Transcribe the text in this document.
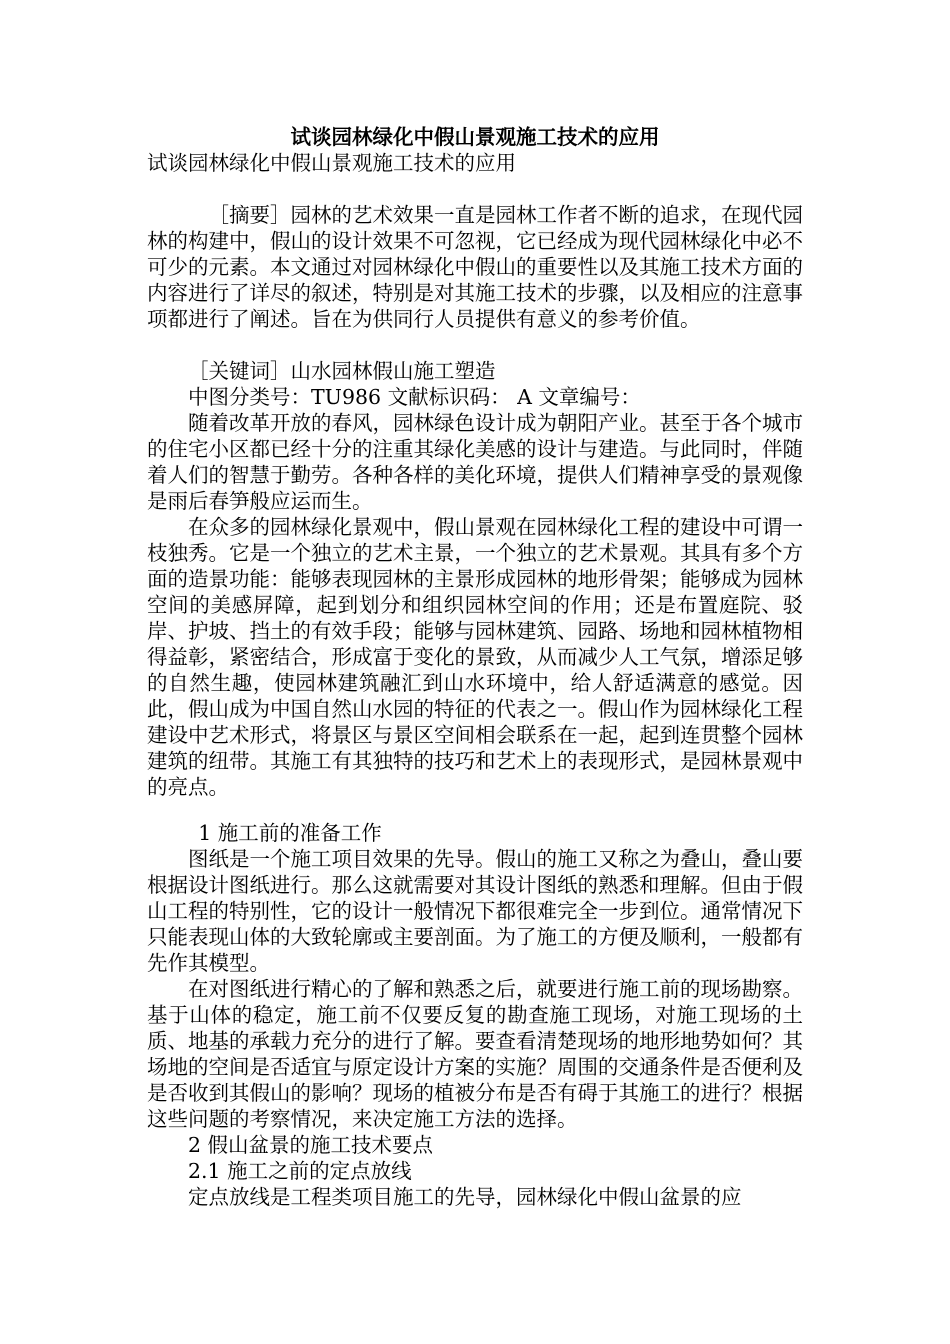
试谈园林绿化中假山景观施工技术的应用

试谈园林绿化中假山景观施工技术的应用

［摘要］园林的艺术效果一直是园林工作者不断的追求，在现代园林的构建中，假山的设计效果不可忽视，它已经成为现代园林绿化中必不可少的元素。本文通过对园林绿化中假山的重要性以及其施工技术方面的内容进行了详尽的叙述，特别是对其施工技术的步骤，以及相应的注意事项都进行了阐述。旨在为供同行人员提供有意义的参考价值。

［关键词］山水园林假山施工塑造

中图分类号：TU986 文献标识码： A 文章编号：

随着改革开放的春风，园林绿色设计成为朝阳产业。甚至于各个城市的住宅小区都已经十分的注重其绿化美感的设计与建造。与此同时，伴随着人们的智慧于勤劳。各种各样的美化环境，提供人们精神享受的景观像是雨后春笋般应运而生。

在众多的园林绿化景观中，假山景观在园林绿化工程的建设中可谓一枝独秀。它是一个独立的艺术主景，一个独立的艺术景观。其具有多个方面的造景功能：能够表现园林的主景形成园林的地形骨架；能够成为园林空间的美感屏障，起到划分和组织园林空间的作用；还是布置庭院、驳岸、护坡、挡土的有效手段；能够与园林建筑、园路、场地和园林植物相得益彰，紧密结合，形成富于变化的景致，从而减少人工气氛，增添足够的自然生趣，使园林建筑融汇到山水环境中，给人舒适满意的感觉。因此，假山成为中国自然山水园的特征的代表之一。假山作为园林绿化工程建设中艺术形式，将景区与景区空间相会联系在一起，起到连贯整个园林建筑的纽带。其施工有其独特的技巧和艺术上的表现形式，是园林景观中的亮点。

1 施工前的准备工作

图纸是一个施工项目效果的先导。假山的施工又称之为叠山，叠山要根据设计图纸进行。那么这就需要对其设计图纸的熟悉和理解。但由于假山工程的特别性，它的设计一般情况下都很难完全一步到位。通常情况下只能表现山体的大致轮廓或主要剖面。为了施工的方便及顺利，一般都有先作其模型。

在对图纸进行精心的了解和熟悉之后，就要进行施工前的现场勘察。基于山体的稳定，施工前不仅要反复的勘查施工现场，对施工现场的土质、地基的承载力充分的进行了解。要查看清楚现场的地形地势如何？其场地的空间是否适宜与原定设计方案的实施？周围的交通条件是否便利及是否收到其假山的影响？现场的植被分布是否有碍于其施工的进行？根据这些问题的考察情况，来决定施工方法的选择。

2 假山盆景的施工技术要点

2.1 施工之前的定点放线

定点放线是工程类项目施工的先导，园林绿化中假山盆景的应
